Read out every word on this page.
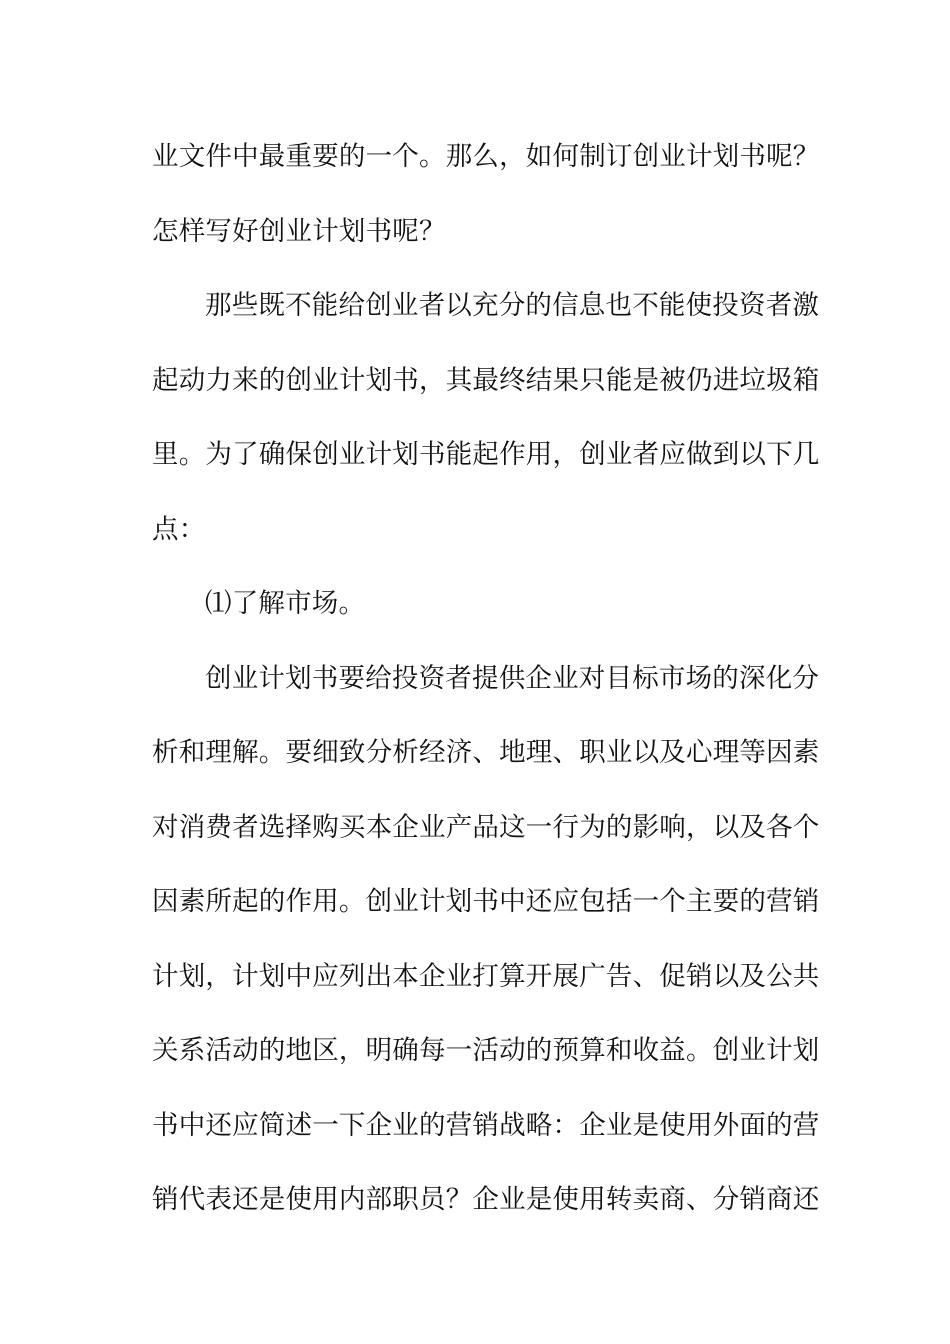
业文件中最重要的一个。那么，如何制订创业计划书呢？
怎样写好创业计划书呢？
那些既不能给创业者以充分的信息也不能使投资者激
起动力来的创业计划书，其最终结果只能是被仍进垃圾箱
里。为了确保创业计划书能起作用，创业者应做到以下几
点：
⑴了解市场。
创业计划书要给投资者提供企业对目标市场的深化分
析和理解。要细致分析经济、地理、职业以及心理等因素
对消费者选择购买本企业产品这一行为的影响，以及各个
因素所起的作用。创业计划书中还应包括一个主要的营销
计划，计划中应列出本企业打算开展广告、促销以及公共
关系活动的地区，明确每一活动的预算和收益。创业计划
书中还应简述一下企业的营销战略：企业是使用外面的营
销代表还是使用内部职员？企业是使用转卖商、分销商还
